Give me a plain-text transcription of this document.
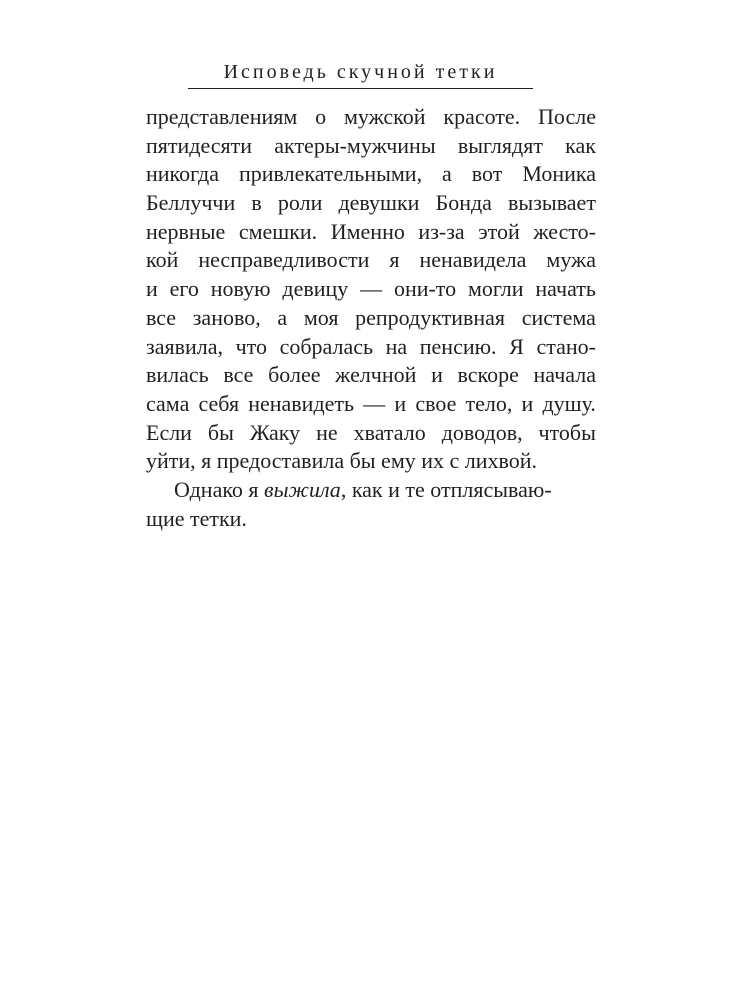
Исповедь скучной тетки
представлениям о мужской красоте. После
пятидесяти актеры-мужчины выглядят как
никогда привлекательными, а вот Моника
Беллуччи в роли девушки Бонда вызывает
нервные смешки. Именно из-за этой жесто-
кой несправедливости я ненавидела мужа
и его новую девицу — они-то могли начать
все заново, а моя репродуктивная система
заявила, что собралась на пенсию. Я стано-
вилась все более желчной и вскоре начала
сама себя ненавидеть — и свое тело, и душу.
Если бы Жаку не хватало доводов, чтобы
уйти, я предоставила бы ему их с лихвой.
Однако я выжила, как и те отплясываю-
щие тетки.
